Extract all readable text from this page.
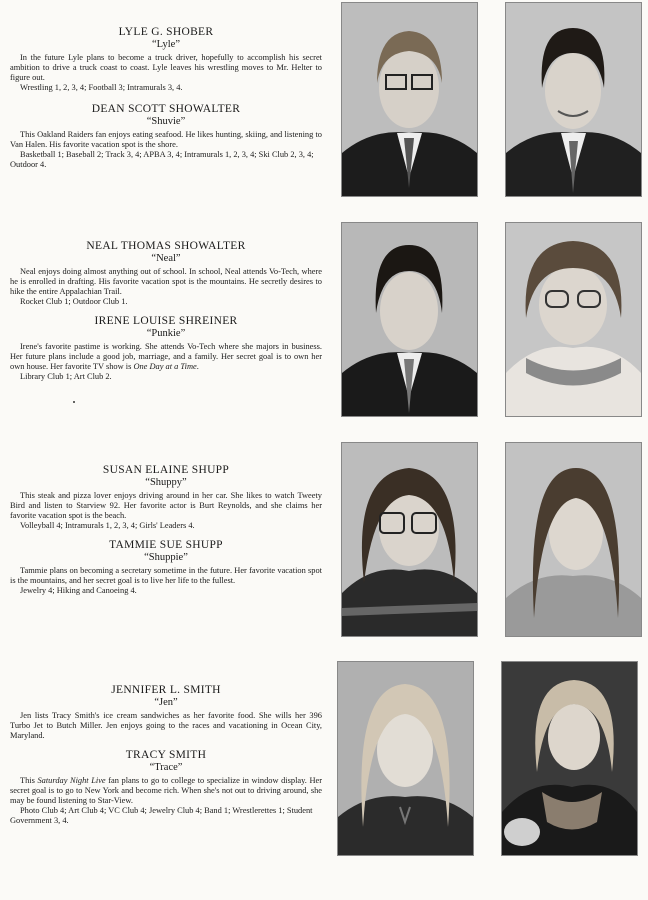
LYLE G. SHOBER

“Lyle”

In the future Lyle plans to become a truck driver, hopefully to accomplish his secret ambition to drive a truck coast to coast. Lyle leaves his wrestling moves to Mr. Helter to figure out.

Wrestling 1, 2, 3, 4; Football 3; Intramurals 3, 4.

DEAN SCOTT SHOWALTER

“Shuvie”

This Oakland Raiders fan enjoys eating seafood. He likes hunting, skiing, and listening to Van Halen. His favorite vacation spot is the shore.

Basketball 1; Baseball 2; Track 3, 4; APBA 3, 4; Intramurals 1, 2, 3, 4; Ski Club 2, 3, 4; Outdoor 4.

NEAL THOMAS SHOWALTER

“Neal”

Neal enjoys doing almost anything out of school. In school, Neal attends Vo-Tech, where he is enrolled in drafting. His favorite vacation spot is the mountains. He secretly desires to hike the entire Appalachian Trail.

Rocket Club 1; Outdoor Club 1.

IRENE LOUISE SHREINER

“Punkie”

Irene's favorite pastime is working. She attends Vo-Tech where she majors in business. Her future plans include a good job, marriage, and a family. Her secret goal is to own her own house. Her favorite TV show is One Day at a Time.

Library Club 1; Art Club 2.

SUSAN ELAINE SHUPP

“Shuppy”

This steak and pizza lover enjoys driving around in her car. She likes to watch Tweety Bird and listen to Starview 92. Her favorite actor is Burt Reynolds, and she claims her favorite vacation spot is the beach.

Volleyball 4; Intramurals 1, 2, 3, 4; Girls' Leaders 4.

TAMMIE SUE SHUPP

“Shuppie”

Tammie plans on becoming a secretary sometime in the future. Her favorite vacation spot is the mountains, and her secret goal is to live her life to the fullest.

Jewelry 4; Hiking and Canoeing 4.

JENNIFER L. SMITH

“Jen”

Jen lists Tracy Smith's ice cream sandwiches as her favorite food. She wills her 396 Turbo Jet to Butch Miller. Jen enjoys going to the races and vacationing in Ocean City, Maryland.

TRACY SMITH

“Trace”

This Saturday Night Live fan plans to go to college to specialize in window display. Her secret goal is to go to New York and become rich. When she's not out to driving around, she may be found listening to Star-View.

Photo Club 4; Art Club 4; VC Club 4; Jewelry Club 4; Band 1; Wrestlerettes 1; Student Government 3, 4.
